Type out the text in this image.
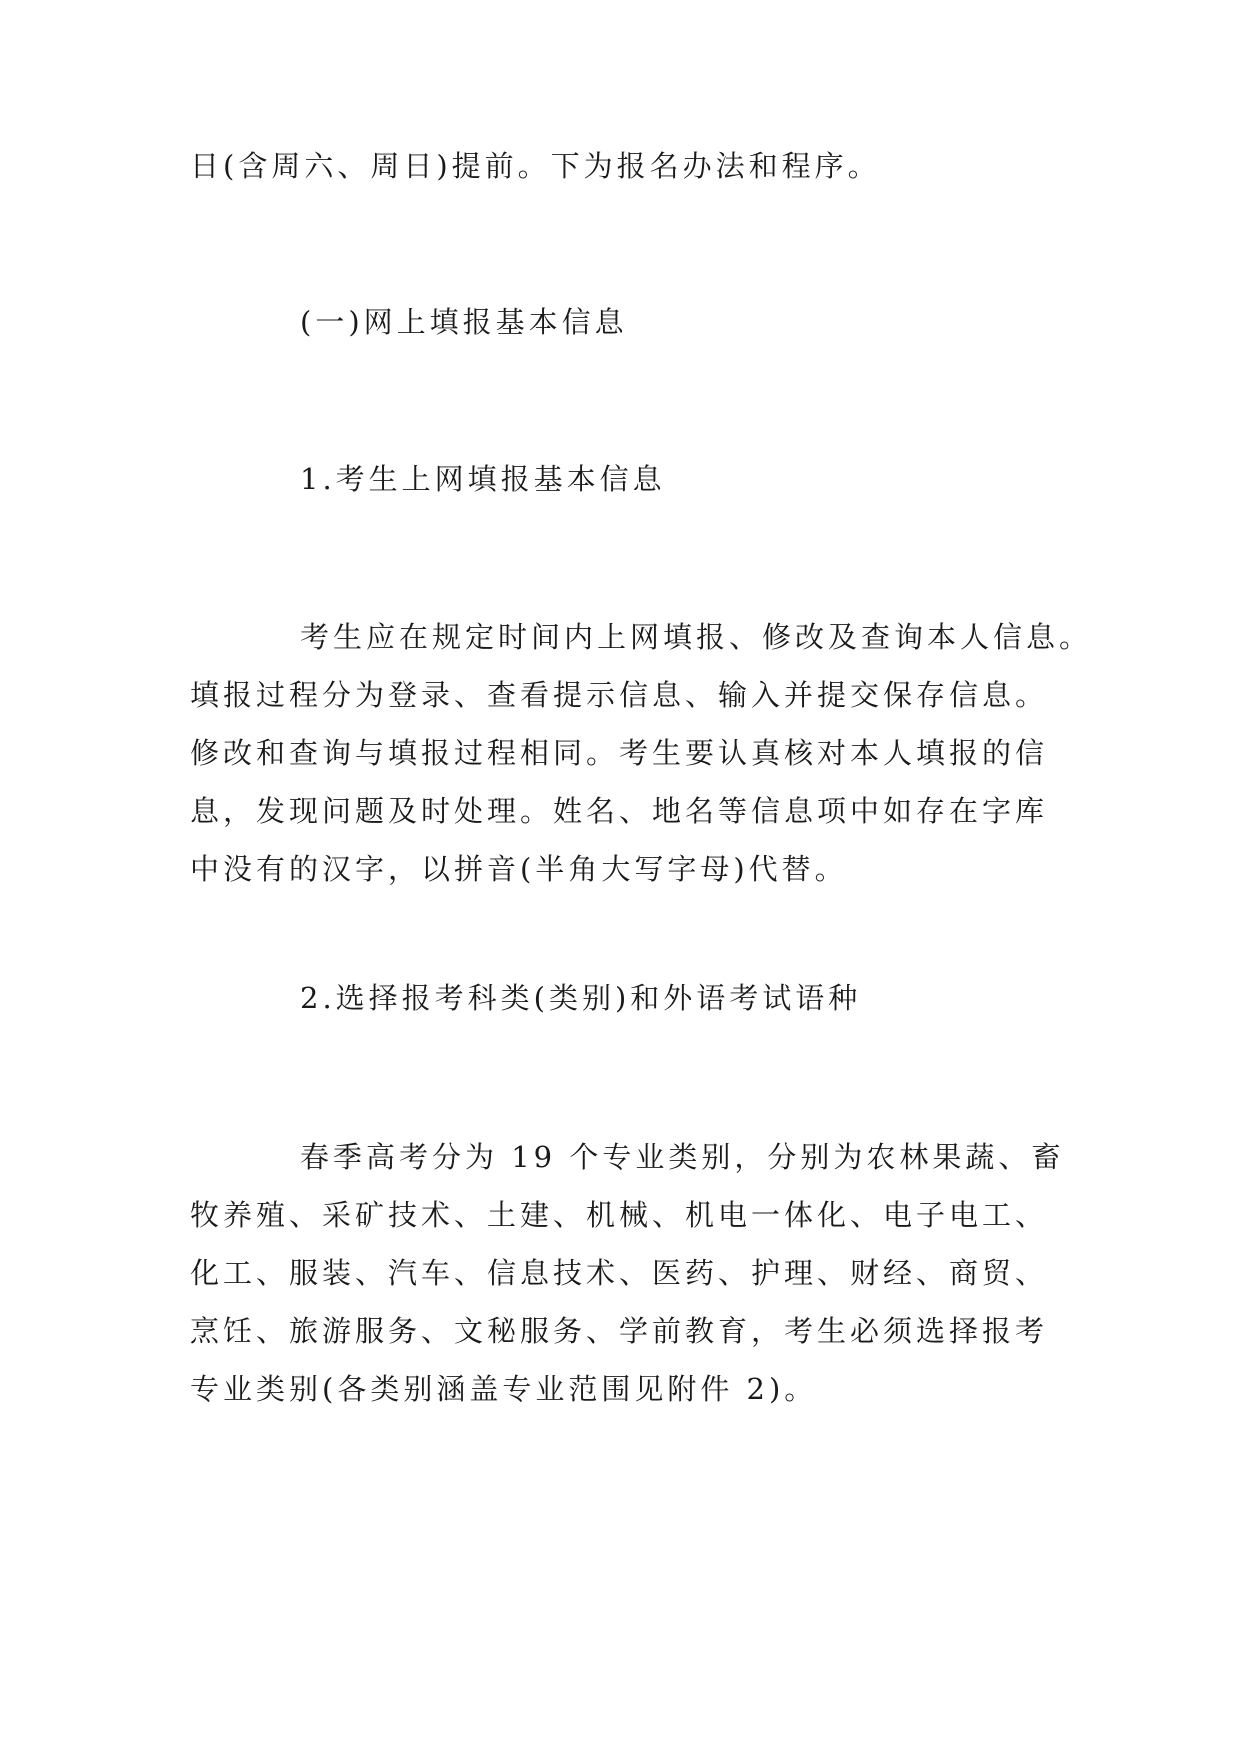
日(含周六、周日)提前。下为报名办法和程序。
(一)网上填报基本信息
1.考生上网填报基本信息

考生应在规定时间内上网填报、修改及查询本人信息。

填报过程分为登录、查看提示信息、输入并提交保存信息。

修改和查询与填报过程相同。考生要认真核对本人填报的信

息，发现问题及时处理。姓名、地名等信息项中如存在字库

中没有的汉字，以拼音(半角大写字母)代替。

2.选择报考科类(类别)和外语考试语种

春季高考分为 19 个专业类别，分别为农林果蔬、畜

牧养殖、采矿技术、土建、机械、机电一体化、电子电工、

化工、服装、汽车、信息技术、医药、护理、财经、商贸、

烹饪、旅游服务、文秘服务、学前教育，考生必须选择报考

专业类别(各类别涵盖专业范围见附件 2)。
